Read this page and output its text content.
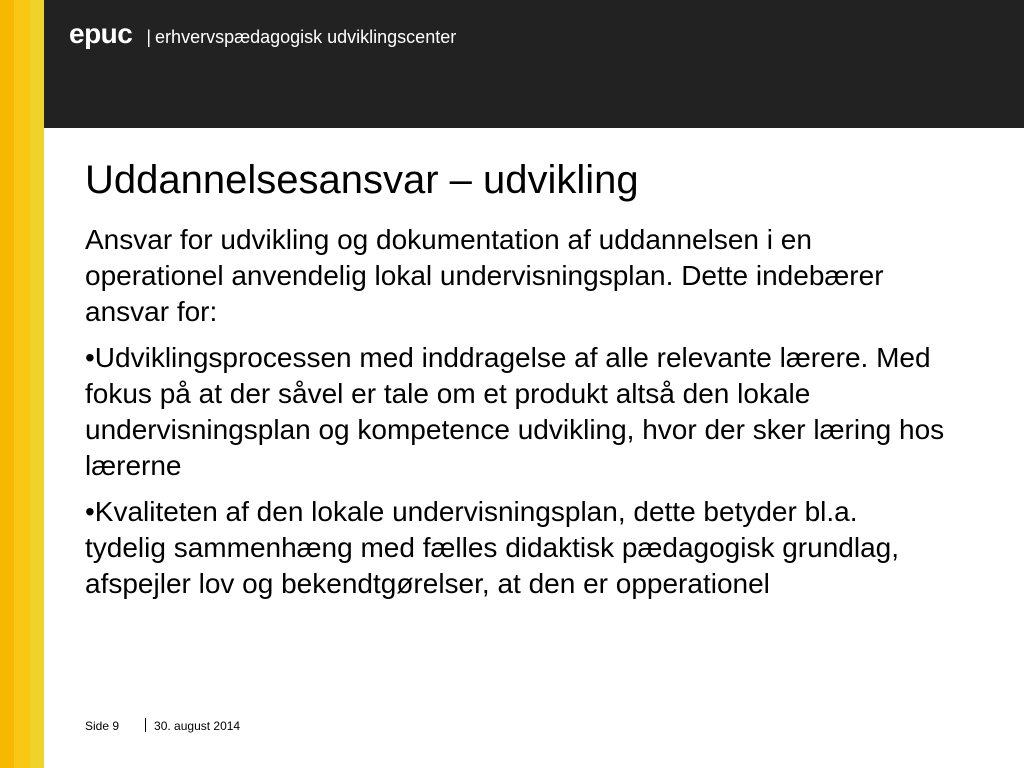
epuc | erhvervspædagogisk udviklingscenter
Uddannelsesansvar – udvikling

Ansvar for udvikling og dokumentation af uddannelsen i en operationel anvendelig lokal undervisningsplan. Dette indebærer ansvar for:

•Udviklingsprocessen med inddragelse af alle relevante lærere. Med fokus på at der såvel er tale om et produkt altså den lokale undervisningsplan og kompetence udvikling, hvor der sker læring hos lærerne

•Kvaliteten af den lokale undervisningsplan, dette betyder bl.a. tydelig sammenhæng med fælles didaktisk pædagogisk grundlag, afspejler lov og bekendtgørelser, at den er opperationel

Side 9	30. august 2014
